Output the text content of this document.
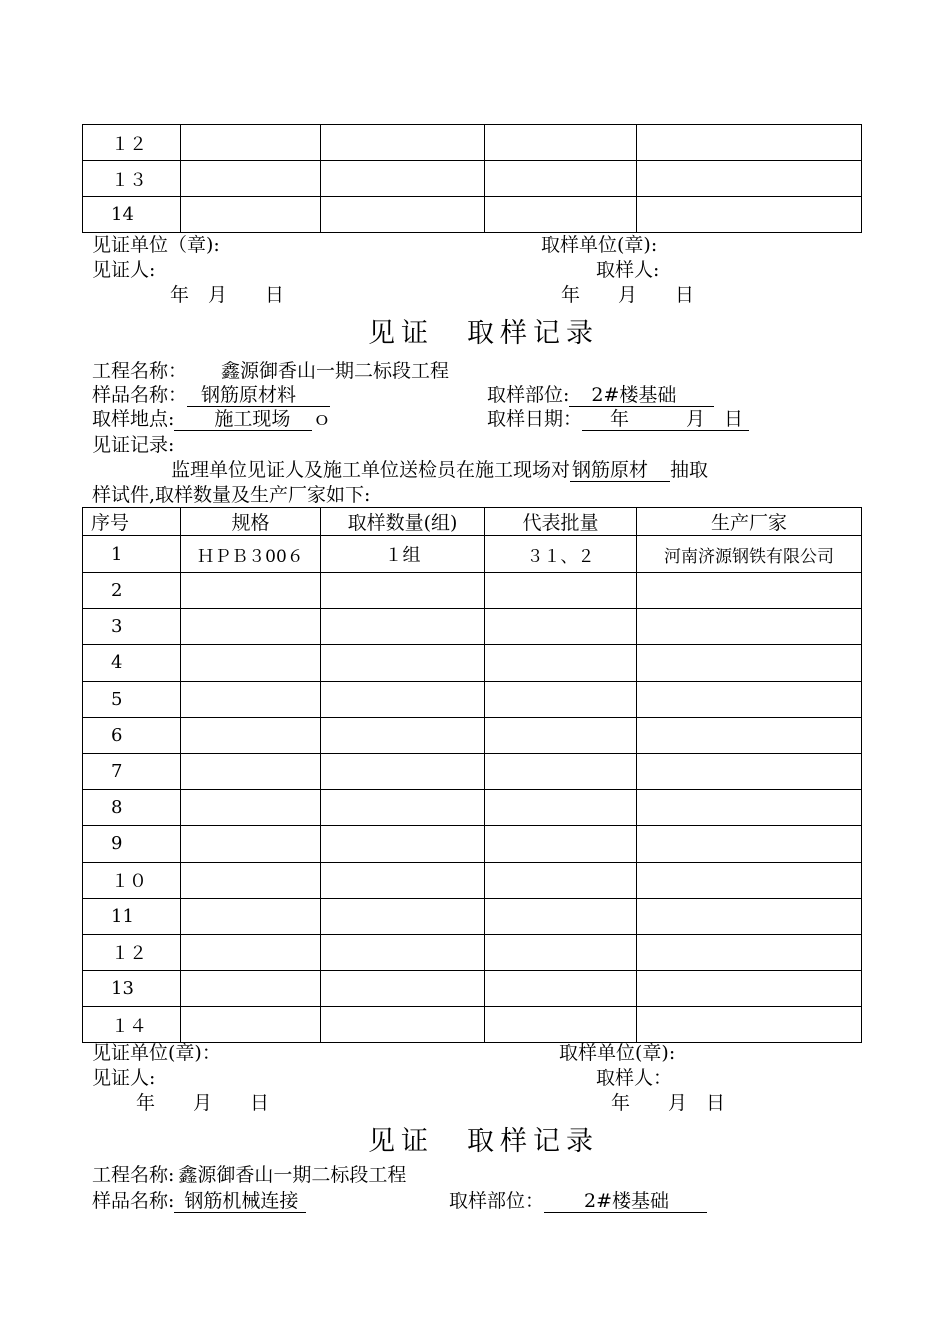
１２				
１３				
14				
见证单位（章):	取样单位(章):
见证人:	取样人:
年　月　　日	年　　月　　日
见证　取样记录
工程名称： 鑫源御香山一期二标段工程
样品名称： 钢筋原材料	取样部位: 2#楼基础
取样地点: 施工现场 ｏ	取样日期： 年　　　月　日
见证记录:
监理单位见证人及施工单位送检员在施工现场对 钢筋原材 抽取
样试件,取样数量及生产厂家如下:
序号	规格	取样数量(组)	代表批量	生产厂家
1	ＨＰＢ３00６	１组	３１、２	河南济源钢铁有限公司
2				
3				
4				
5				
6				
7				
8				
9				
１０				
11				
１２				
13				
１４				
见证单位(章)：	取样单位(章):
见证人:	取样人：
年　　月　　日	年　　月　日
见证　取样记录
工程名称: 鑫源御香山一期二标段工程
样品名称: 钢筋机械连接	取样部位： 2#楼基础
